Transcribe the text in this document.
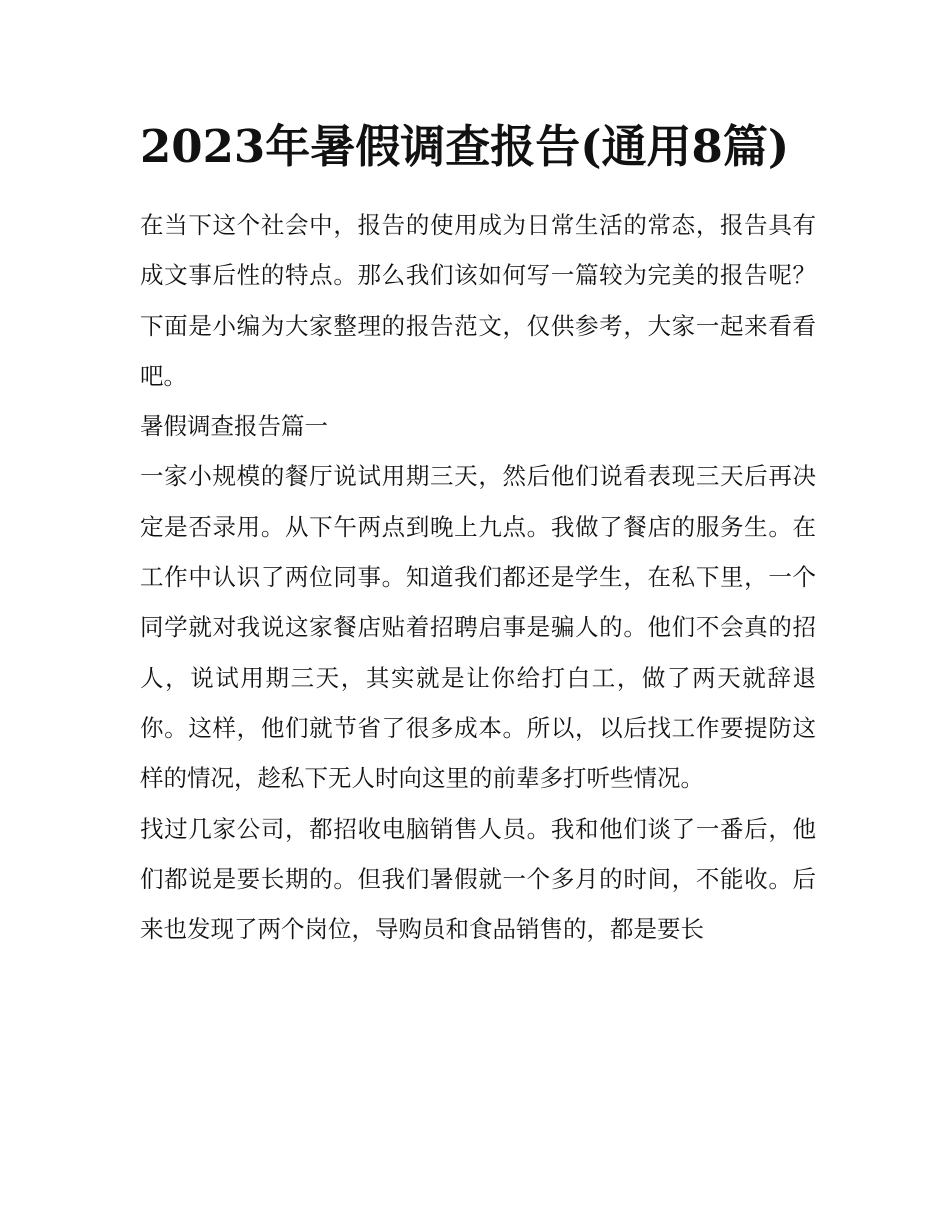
2023年暑假调查报告(通用8篇)

在当下这个社会中，报告的使用成为日常生活的常态，报告具有成文事后性的特点。那么我们该如何写一篇较为完美的报告呢？下面是小编为大家整理的报告范文，仅供参考，大家一起来看看吧。

暑假调查报告篇一

一家小规模的餐厅说试用期三天，然后他们说看表现三天后再决定是否录用。从下午两点到晚上九点。我做了餐店的服务生。在工作中认识了两位同事。知道我们都还是学生，在私下里，一个同学就对我说这家餐店贴着招聘启事是骗人的。他们不会真的招人，说试用期三天，其实就是让你给打白工，做了两天就辞退你。这样，他们就节省了很多成本。所以，以后找工作要提防这样的情况，趁私下无人时向这里的前辈多打听些情况。

找过几家公司，都招收电脑销售人员。我和他们谈了一番后，他们都说是要长期的。但我们暑假就一个多月的时间，不能收。后来也发现了两个岗位，导购员和食品销售的，都是要长
